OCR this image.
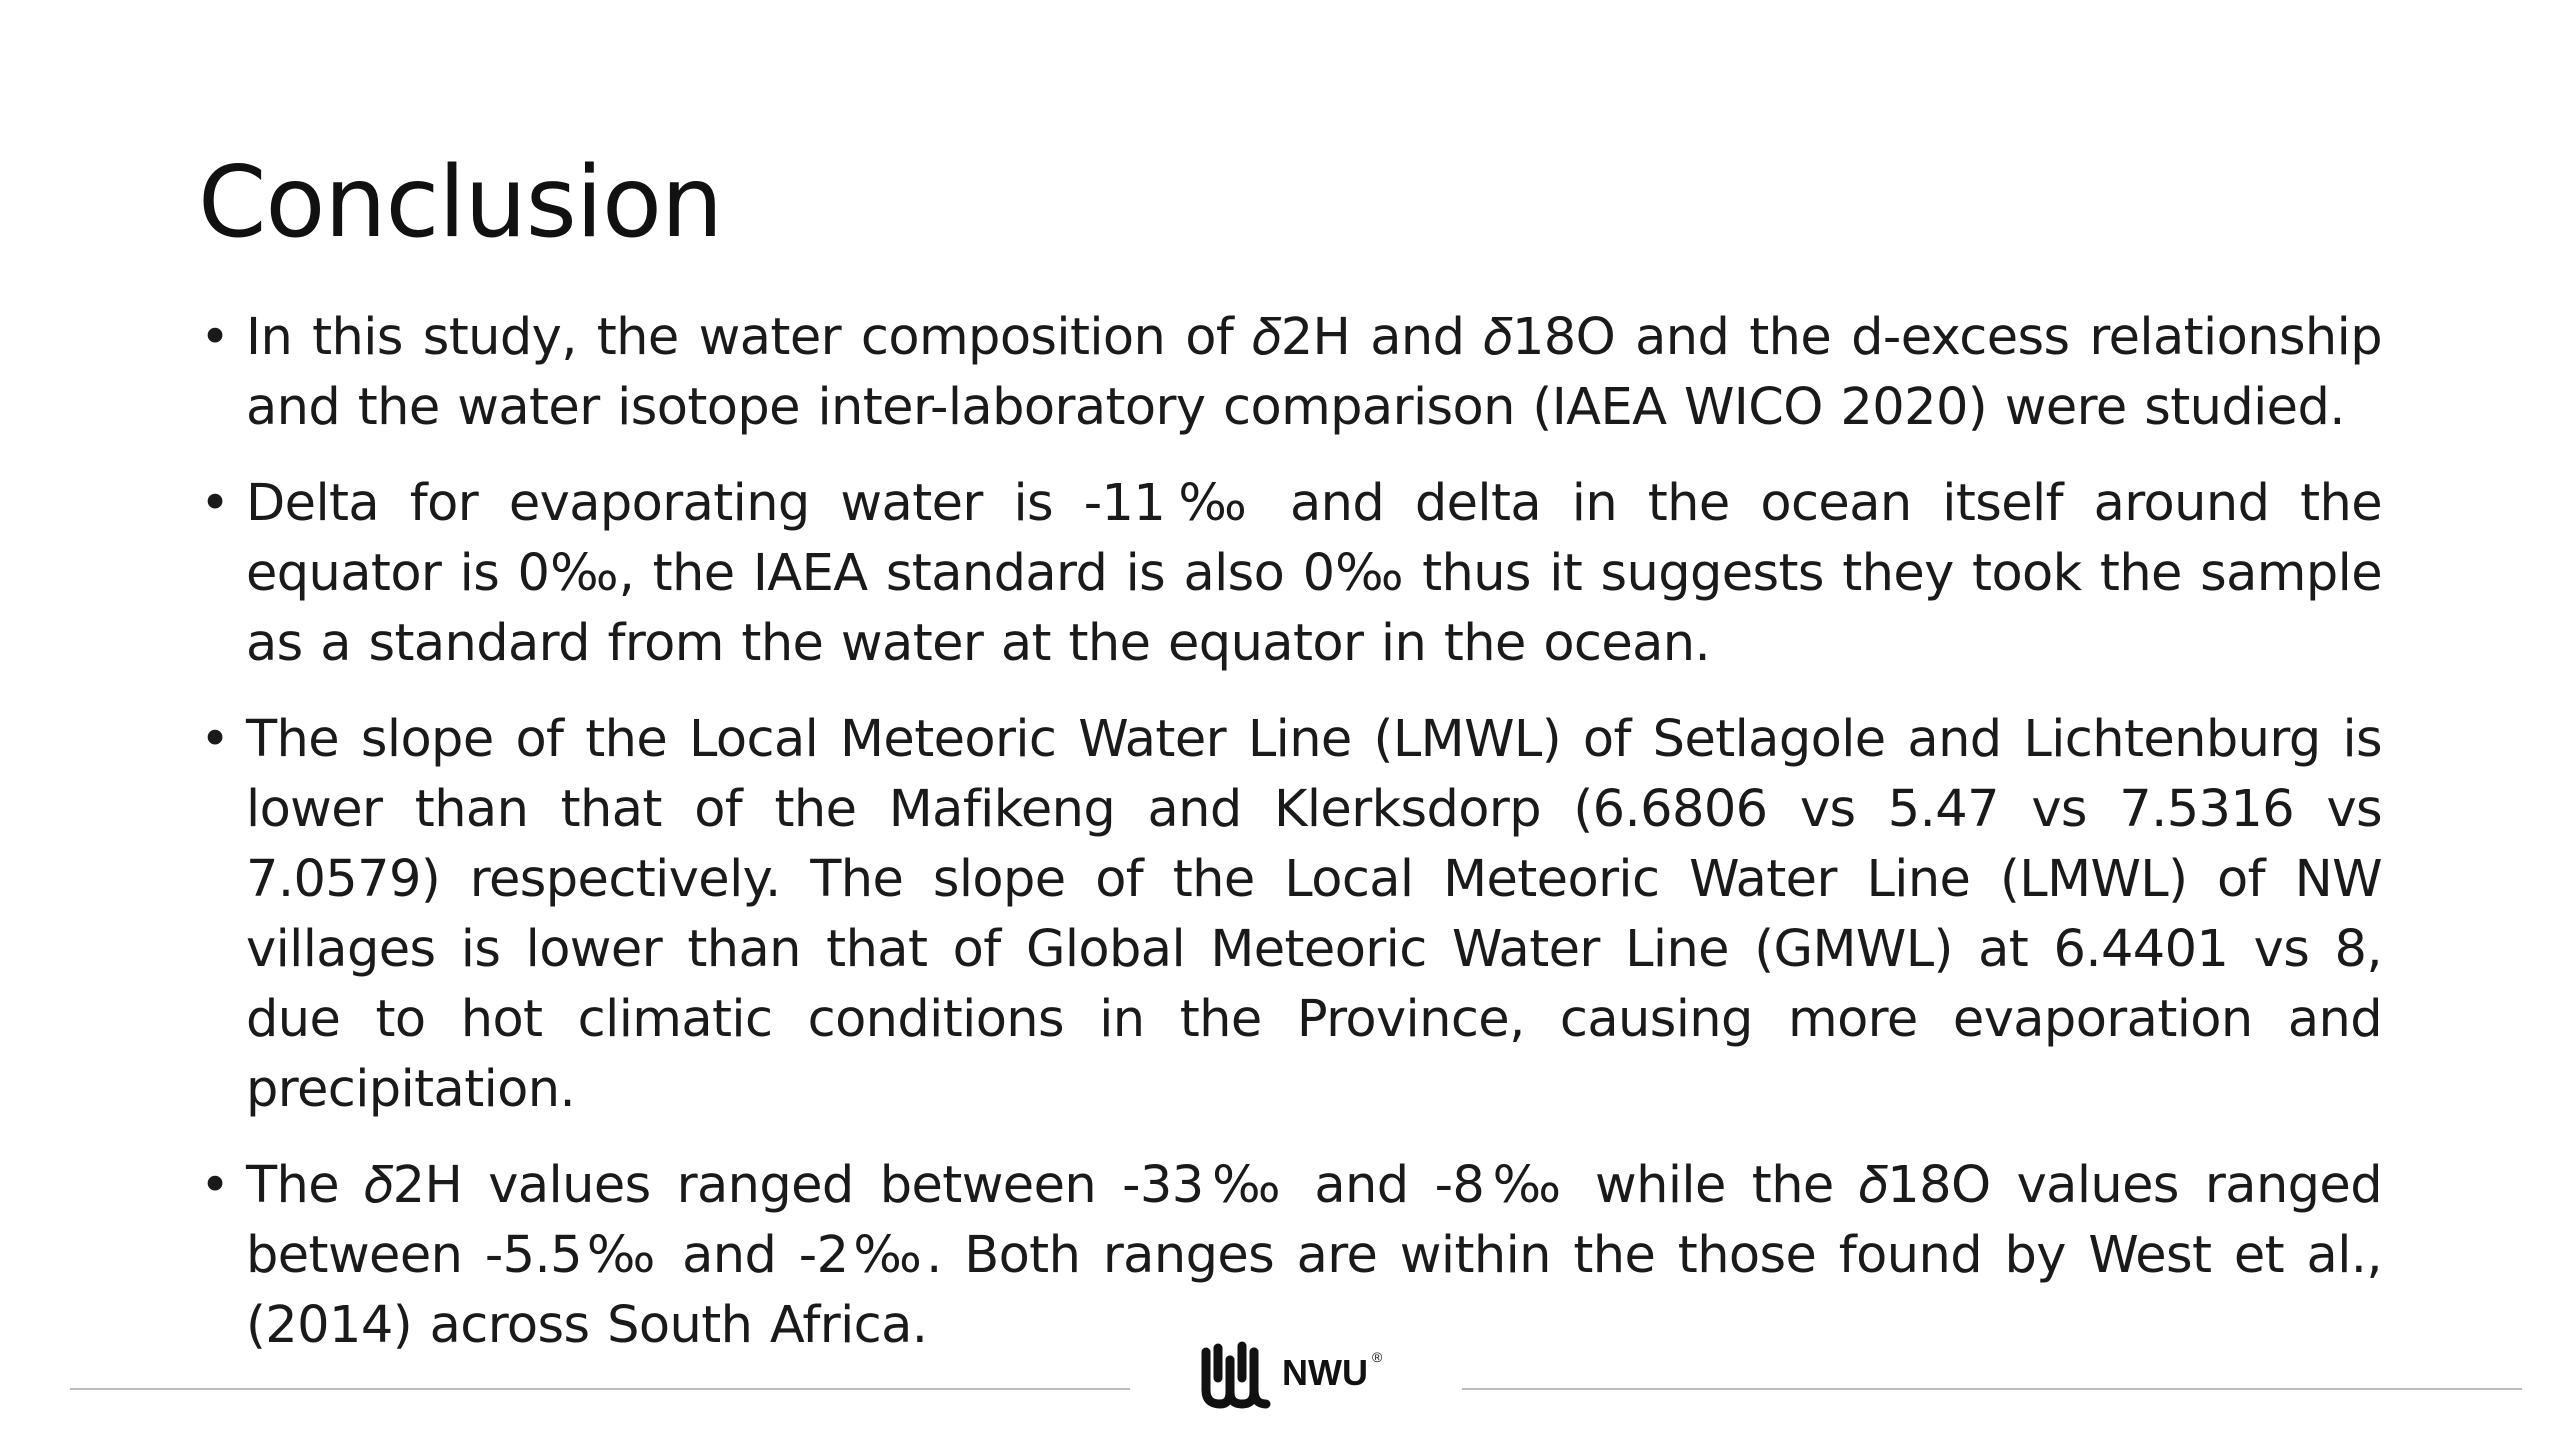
Conclusion
• In this study, the water composition of 𝛿2H and 𝛿18O and the d-excess relationship and the water isotope inter-laboratory comparison (IAEA WICO 2020) were studied.
• Delta for evaporating water is -11‰ and delta in the ocean itself around the equator is 0‰, the IAEA standard is also 0‰ thus it suggests they took the sample as a standard from the water at the equator in the ocean.
• The slope of the Local Meteoric Water Line (LMWL) of Setlagole and Lichtenburg is lower than that of the Mafikeng and Klerksdorp (6.6806 vs 5.47 vs 7.5316 vs 7.0579) respectively. The slope of the Local Meteoric Water Line (LMWL) of NW villages is lower than that of Global Meteoric Water Line (GMWL) at 6.4401 vs 8, due to hot climatic conditions in the Province, causing more evaporation and precipitation.
• The 𝛿2H values ranged between -33‰ and -8‰ while the 𝛿18O values ranged between -5.5‰ and -2‰. Both ranges are within the those found by West et al., (2014) across South Africa.
NWU ®
